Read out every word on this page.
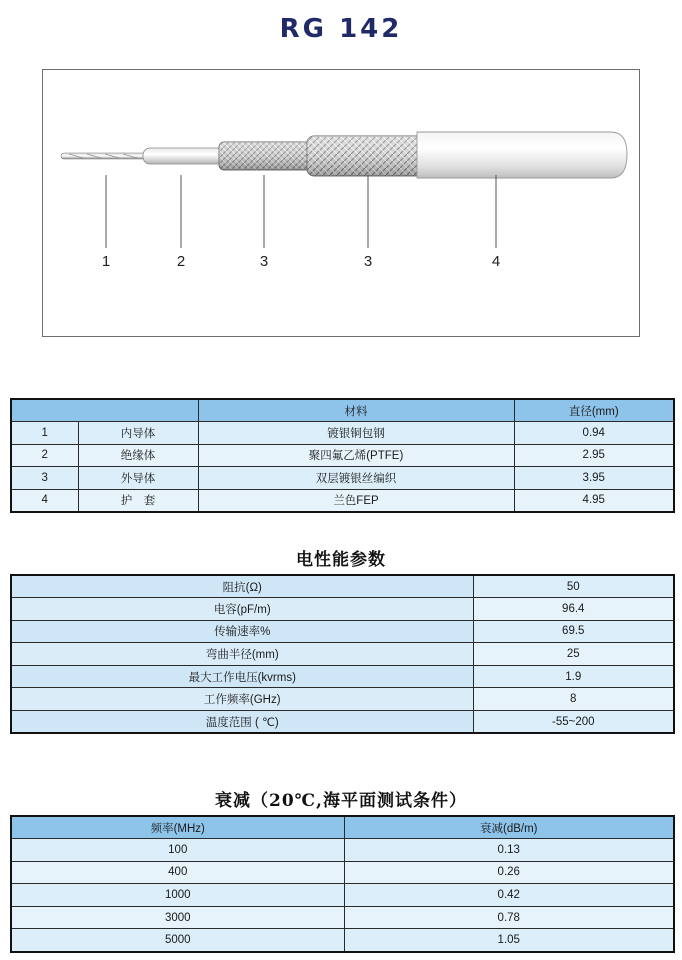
RG 142
1	2	3	3	4
		材料	直径(mm)
1	内导体	镀银铜包钢	0.94
2	绝缘体	聚四氟乙烯(PTFE)	2.95
3	外导体	双层镀银丝编织	3.95
4	护　套	兰色FEP	4.95
电性能参数
阻抗(Ω)	50
电容(pF/m)	96.4
传输速率%	69.5
弯曲半径(mm)	25
最大工作电压(kvrms)	1.9
工作频率(GHz)	8
温度范围 ( ℃)	-55~200
衰减（20℃,海平面测试条件）
频率(MHz)	衰减(dB/m)
100	0.13
400	0.26
1000	0.42
3000	0.78
5000	1.05
